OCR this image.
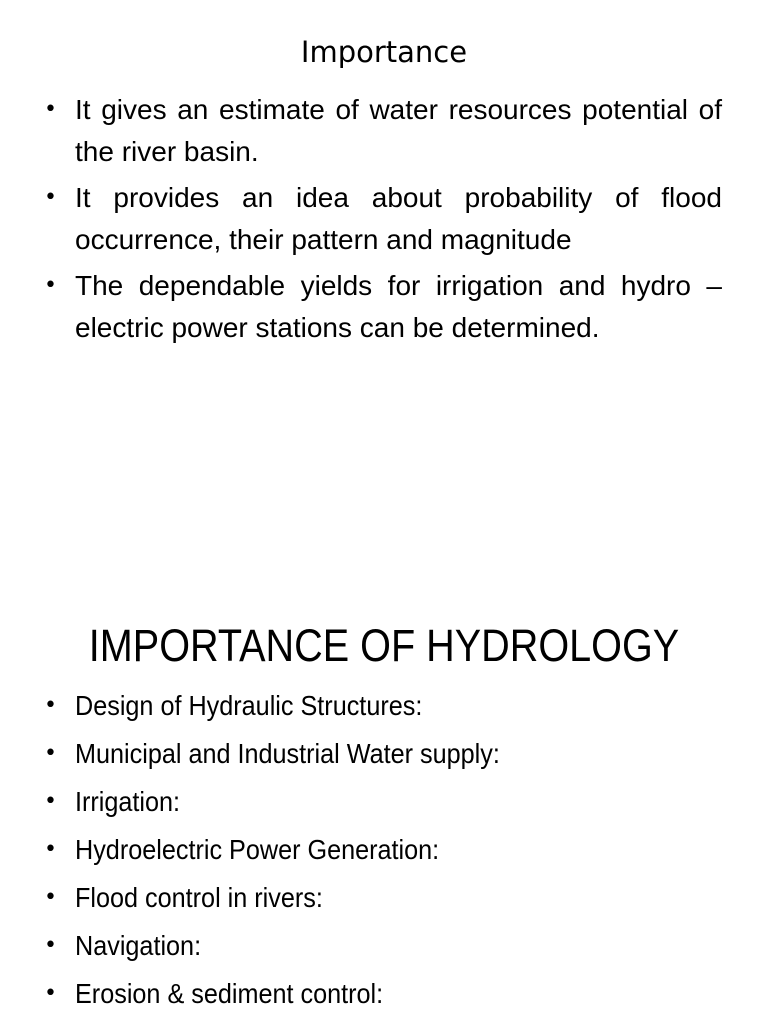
Importance
• It gives an estimate of water resources potential of the river basin.
• It provides an idea about probability of flood occurrence, their pattern and magnitude
• The dependable yields for irrigation and hydro – electric power stations can be determined.
IMPORTANCE OF HYDROLOGY
• Design of Hydraulic Structures:
• Municipal and Industrial Water supply:
• Irrigation:
• Hydroelectric Power Generation:
• Flood control in rivers:
• Navigation:
• Erosion & sediment control:
